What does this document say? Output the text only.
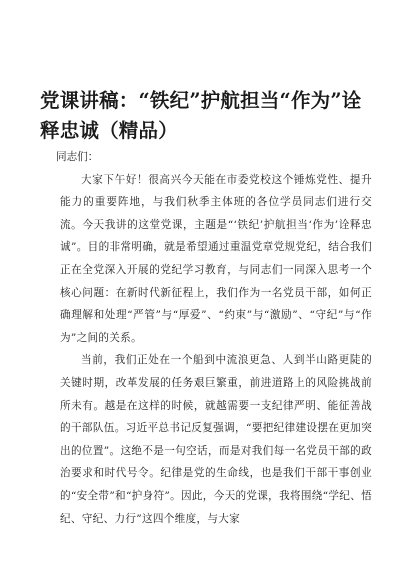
党课讲稿：“铁纪”护航担当“作为”诠释忠诚（精品）

同志们：

大家下午好！很高兴今天能在市委党校这个锤炼党性、提升能力的重要阵地，与我们秋季主体班的各位学员同志们进行交流。今天我讲的这堂党课，主题是“‘铁纪’护航担当‘作为’诠释忠诚”。目的非常明确，就是希望通过重温党章党规党纪，结合我们正在全党深入开展的党纪学习教育，与同志们一同深入思考一个核心问题：在新时代新征程上，我们作为一名党员干部，如何正确理解和处理“严管”与“厚爱”、“约束”与“激励”、“守纪”与“作为”之间的关系。

当前，我们正处在一个船到中流浪更急、人到半山路更陡的关键时期，改革发展的任务艰巨繁重，前进道路上的风险挑战前所未有。越是在这样的时候，就越需要一支纪律严明、能征善战的干部队伍。习近平总书记反复强调，“要把纪律建设摆在更加突出的位置”。这绝不是一句空话，而是对我们每一名党员干部的政治要求和时代号令。纪律是党的生命线，也是我们干部干事创业的“安全带”和“护身符”。因此，今天的党课，我将围绕“学纪、悟纪、守纪、力行”这四个维度，与大家
